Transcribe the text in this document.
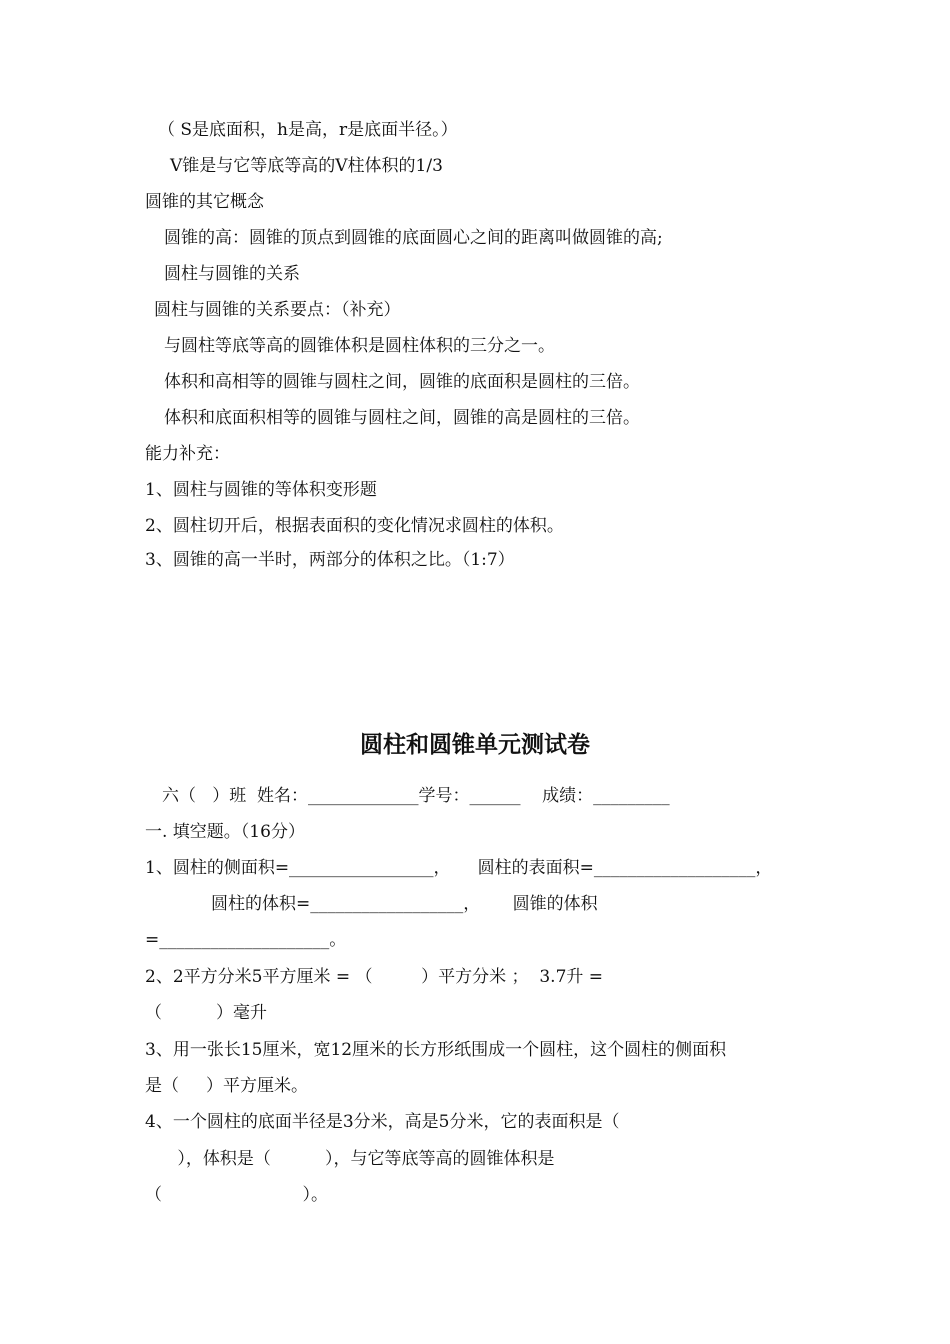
（ S是底面积，h是高，r是底面半径。）
V锥是与它等底等高的V柱体积的1/3
圆锥的其它概念
圆锥的高：圆锥的顶点到圆锥的底面圆心之间的距离叫做圆锥的高;
圆柱与圆锥的关系
圆柱与圆锥的关系要点：（补充）
与圆柱等底等高的圆锥体积是圆柱体积的三分之一。
体积和高相等的圆锥与圆柱之间，圆锥的底面积是圆柱的三倍。
体积和底面积相等的圆锥与圆柱之间，圆锥的高是圆柱的三倍。
能力补充：
1、圆柱与圆锥的等体积变形题
2、圆柱切开后，根据表面积的变化情况求圆柱的体积。
3、圆锥的高一半时，两部分的体积之比。（1:7）
圆柱和圆锥单元测试卷
六（   ）班  姓名：_____________学号：______    成绩：_________
一. 填空题。（16分）
1、圆柱的侧面积=_________________，     圆柱的表面积=___________________，
圆柱的体积=__________________，      圆锥的体积
=____________________。
2、2平方分米5平方厘米 = （         ）平方分米 ；  3.7升 =
（          ）毫升
3、用一张长15厘米，宽12厘米的长方形纸围成一个圆柱，这个圆柱的侧面积
是（     ）平方厘米。
4、一个圆柱的底面半径是3分米，高是5分米，它的表面积是（
），体积是（          ），与它等底等高的圆锥体积是
（                          ）。
